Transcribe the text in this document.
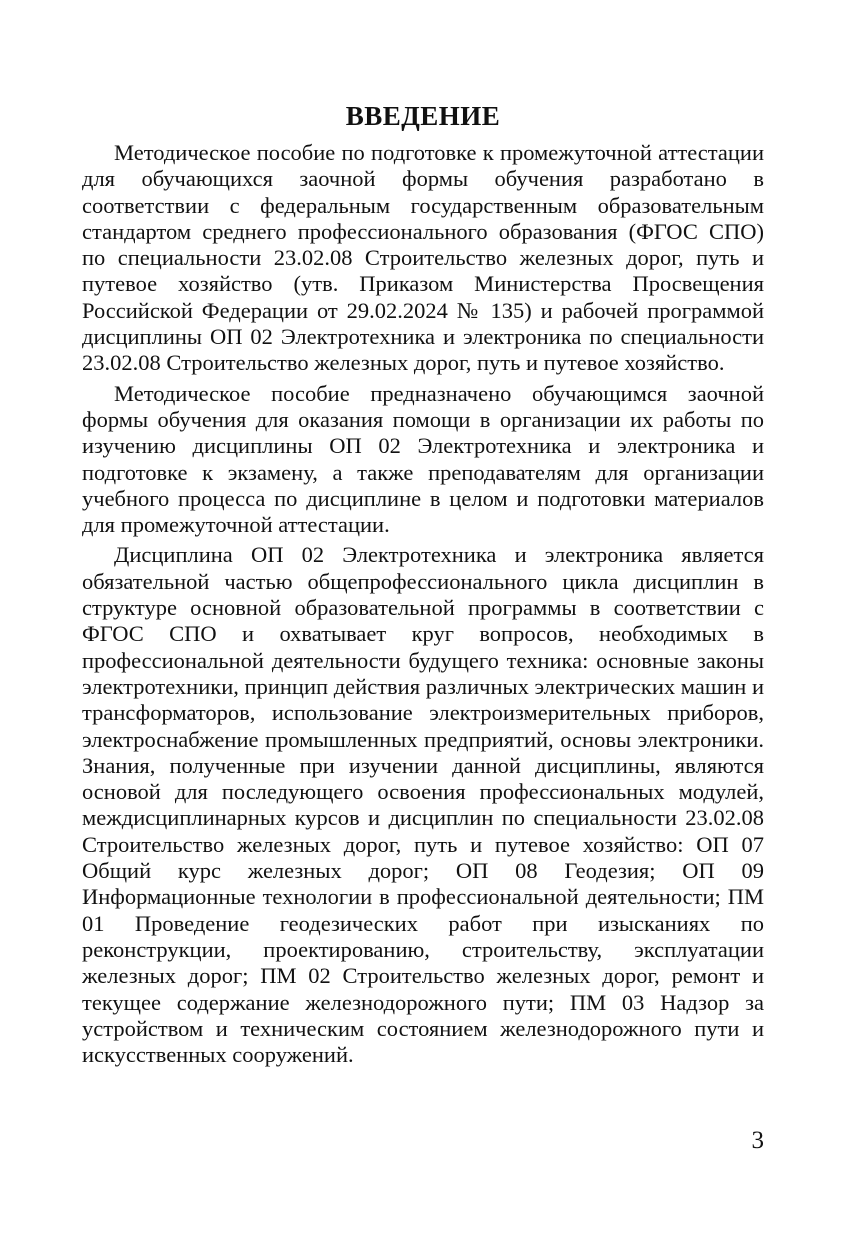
ВВЕДЕНИЕ

Методическое пособие по подготовке к промежуточной аттестации для обучающихся заочной формы обучения разработано в соответствии с федеральным государственным образовательным стандартом среднего профессионального образования (ФГОС СПО) по специальности 23.02.08 Строительство железных дорог, путь и путевое хозяйство (утв. Приказом Министерства Просвещения Российской Федерации от 29.02.2024 № 135) и рабочей программой дисциплины ОП 02 Электротехника и электроника по специальности 23.02.08 Строительство железных дорог, путь и путевое хозяйство.

Методическое пособие предназначено обучающимся заочной формы обучения для оказания помощи в организации их работы по изучению дисциплины ОП 02 Электротехника и электроника и подготовке к экзамену, а также преподавателям для организации учебного процесса по дисциплине в целом и подготовки материалов для промежуточной аттестации.

Дисциплина ОП 02 Электротехника и электроника является обязательной частью общепрофессионального цикла дисциплин в структуре основной образовательной программы в соответствии с ФГОС СПО и охватывает круг вопросов, необходимых в профессиональной деятельности будущего техника: основные законы электротехники, принцип действия различных электрических машин и трансформаторов, использование электроизмерительных приборов, электроснабжение промышленных предприятий, основы электроники. Знания, полученные при изучении данной дисциплины, являются основой для последующего освоения профессиональных модулей, междисциплинарных курсов и дисциплин по специальности 23.02.08 Строительство железных дорог, путь и путевое хозяйство: ОП 07 Общий курс железных дорог; ОП 08 Геодезия; ОП 09 Информационные технологии в профессиональной деятельности; ПМ 01 Проведение геодезических работ при изысканиях по реконструкции, проектированию, строительству, эксплуатации железных дорог; ПМ 02 Строительство железных дорог, ремонт и текущее содержание железнодорожного пути; ПМ 03 Надзор за устройством и техническим состоянием железнодорожного пути и искусственных сооружений.

3
